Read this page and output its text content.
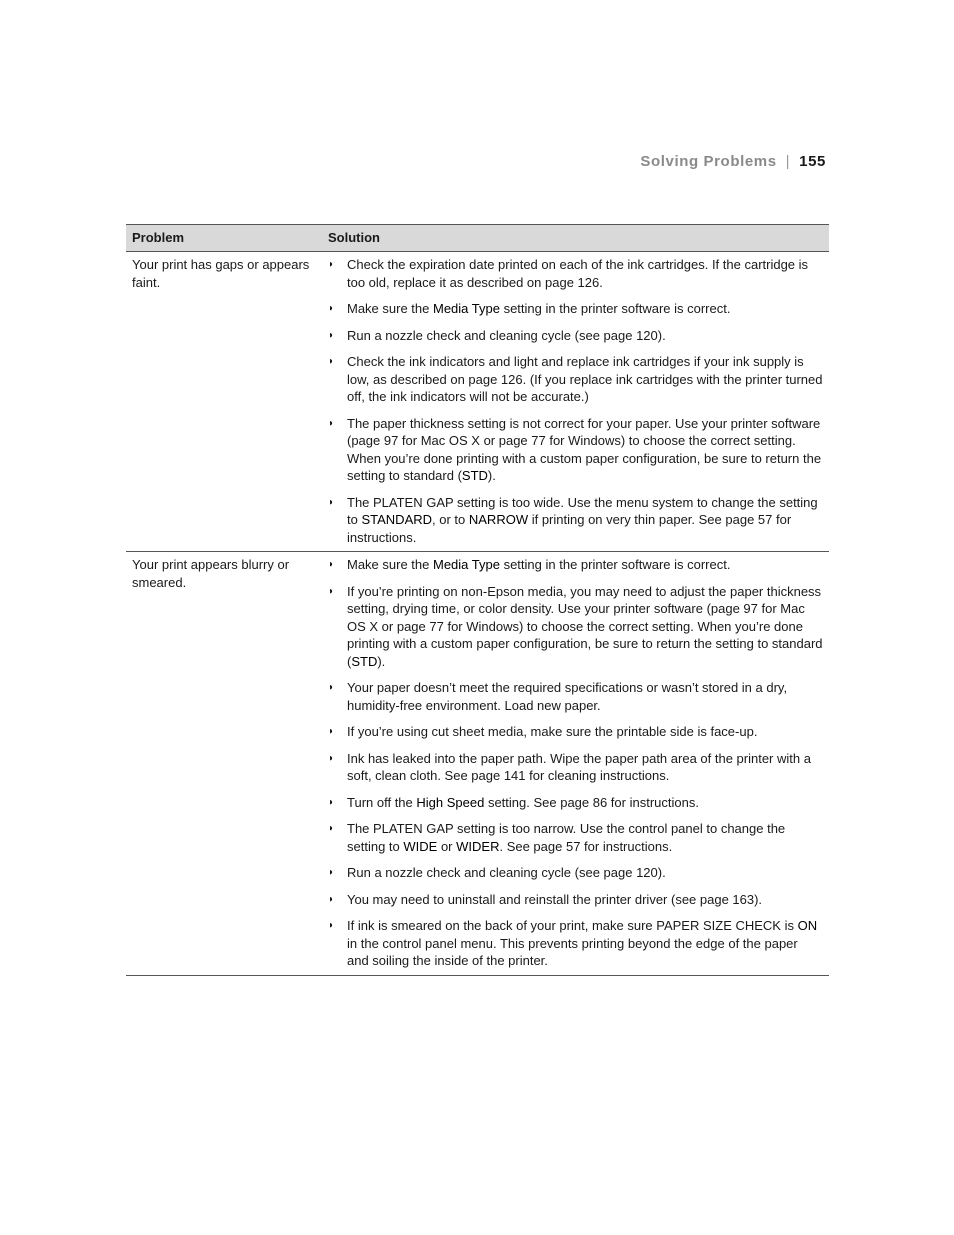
Solving Problems | 155
Problem	Solution
Your print has gaps or appears faint.
◗ Check the expiration date printed on each of the ink cartridges. If the cartridge is too old, replace it as described on page 126.
◗ Make sure the Media Type setting in the printer software is correct.
◗ Run a nozzle check and cleaning cycle (see page 120).
◗ Check the ink indicators and light and replace ink cartridges if your ink supply is low, as described on page 126. (If you replace ink cartridges with the printer turned off, the ink indicators will not be accurate.)
◗ The paper thickness setting is not correct for your paper. Use your printer software (page 97 for Mac OS X or page 77 for Windows) to choose the correct setting. When you’re done printing with a custom paper configuration, be sure to return the setting to standard (STD).
◗ The PLATEN GAP setting is too wide. Use the menu system to change the setting to STANDARD, or to NARROW if printing on very thin paper. See page 57 for instructions.
Your print appears blurry or smeared.
◗ Make sure the Media Type setting in the printer software is correct.
◗ If you’re printing on non-Epson media, you may need to adjust the paper thickness setting, drying time, or color density. Use your printer software (page 97 for Mac OS X or page 77 for Windows) to choose the correct setting. When you’re done printing with a custom paper configuration, be sure to return the setting to standard (STD).
◗ Your paper doesn’t meet the required specifications or wasn’t stored in a dry, humidity-free environment. Load new paper.
◗ If you’re using cut sheet media, make sure the printable side is face-up.
◗ Ink has leaked into the paper path. Wipe the paper path area of the printer with a soft, clean cloth. See page 141 for cleaning instructions.
◗ Turn off the High Speed setting. See page 86 for instructions.
◗ The PLATEN GAP setting is too narrow. Use the control panel to change the setting to WIDE or WIDER. See page 57 for instructions.
◗ Run a nozzle check and cleaning cycle (see page 120).
◗ You may need to uninstall and reinstall the printer driver (see page 163).
◗ If ink is smeared on the back of your print, make sure PAPER SIZE CHECK is ON in the control panel menu. This prevents printing beyond the edge of the paper and soiling the inside of the printer.
